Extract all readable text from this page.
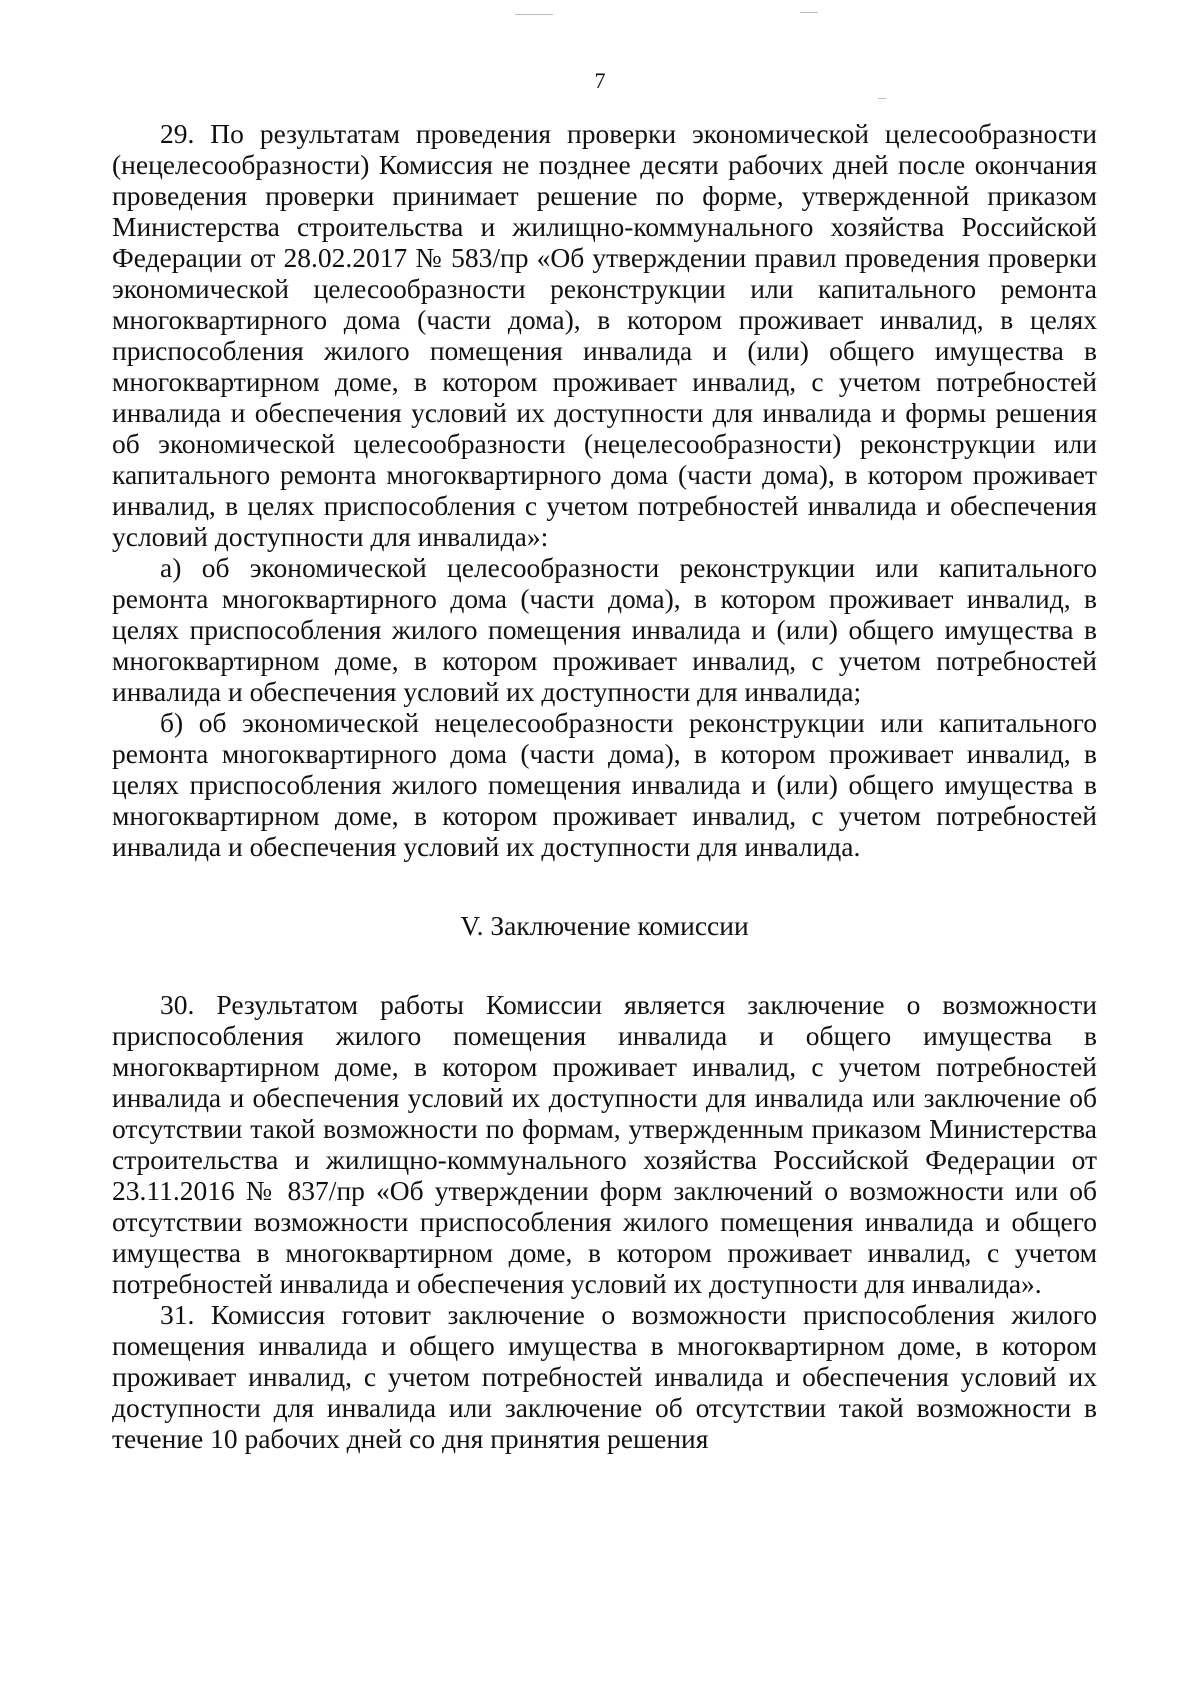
7

29. По результатам проведения проверки экономической целесообразности (нецелесообразности) Комиссия не позднее десяти рабочих дней после окончания проведения проверки принимает решение по форме, утвержденной приказом Министерства строительства и жилищно-коммунального хозяйства Российской Федерации от 28.02.2017 № 583/пр «Об утверждении правил проведения проверки экономической целесообразности реконструкции или капитального ремонта многоквартирного дома (части дома), в котором проживает инвалид, в целях приспособления жилого помещения инвалида и (или) общего имущества в многоквартирном доме, в котором проживает инвалид, с учетом потребностей инвалида и обеспечения условий их доступности для инвалида и формы решения об экономической целесообразности (нецелесообразности) реконструкции или капитального ремонта многоквартирного дома (части дома), в котором проживает инвалид, в целях приспособления с учетом потребностей инвалида и обеспечения условий доступности для инвалида»:

а) об экономической целесообразности реконструкции или капитального ремонта многоквартирного дома (части дома), в котором проживает инвалид, в целях приспособления жилого помещения инвалида и (или) общего имущества в многоквартирном доме, в котором проживает инвалид, с учетом потребностей инвалида и обеспечения условий их доступности для инвалида;

б) об экономической нецелесообразности реконструкции или капитального ремонта многоквартирного дома (части дома), в котором проживает инвалид, в целях приспособления жилого помещения инвалида и (или) общего имущества в многоквартирном доме, в котором проживает инвалид, с учетом потребностей инвалида и обеспечения условий их доступности для инвалида.

V. Заключение комиссии

30. Результатом работы Комиссии является заключение о возможности приспособления жилого помещения инвалида и общего имущества в многоквартирном доме, в котором проживает инвалид, с учетом потребностей инвалида и обеспечения условий их доступности для инвалида или заключение об отсутствии такой возможности по формам, утвержденным приказом Министерства строительства и жилищно-коммунального хозяйства Российской Федерации от 23.11.2016 № 837/пр «Об утверждении форм заключений о возможности или об отсутствии возможности приспособления жилого помещения инвалида и общего имущества в многоквартирном доме, в котором проживает инвалид, с учетом потребностей инвалида и обеспечения условий их доступности для инвалида».

31. Комиссия готовит заключение о возможности приспособления жилого помещения инвалида и общего имущества в многоквартирном доме, в котором проживает инвалид, с учетом потребностей инвалида и обеспечения условий их доступности для инвалида или заключение об отсутствии такой возможности в течение 10 рабочих дней со дня принятия решения
